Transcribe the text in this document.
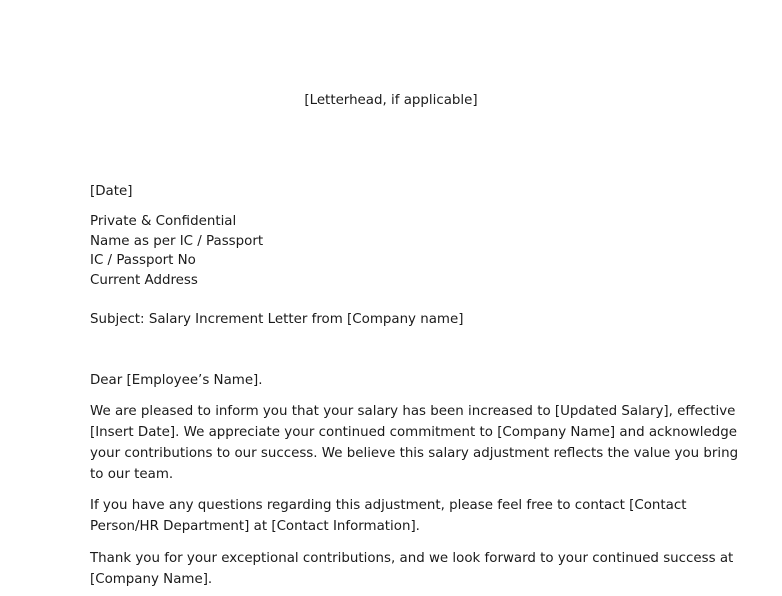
[Letterhead, if applicable]
[Date]
Private & Confidential
Name as per IC / Passport
IC / Passport No
Current Address
Subject: Salary Increment Letter from [Company name]
Dear [Employee’s Name].
We are pleased to inform you that your salary has been increased to [Updated Salary], effective
[Insert Date]. We appreciate your continued commitment to [Company Name] and acknowledge
your contributions to our success. We believe this salary adjustment reflects the value you bring
to our team.
If you have any questions regarding this adjustment, please feel free to contact [Contact
Person/HR Department] at [Contact Information].
Thank you for your exceptional contributions, and we look forward to your continued success at
[Company Name].
